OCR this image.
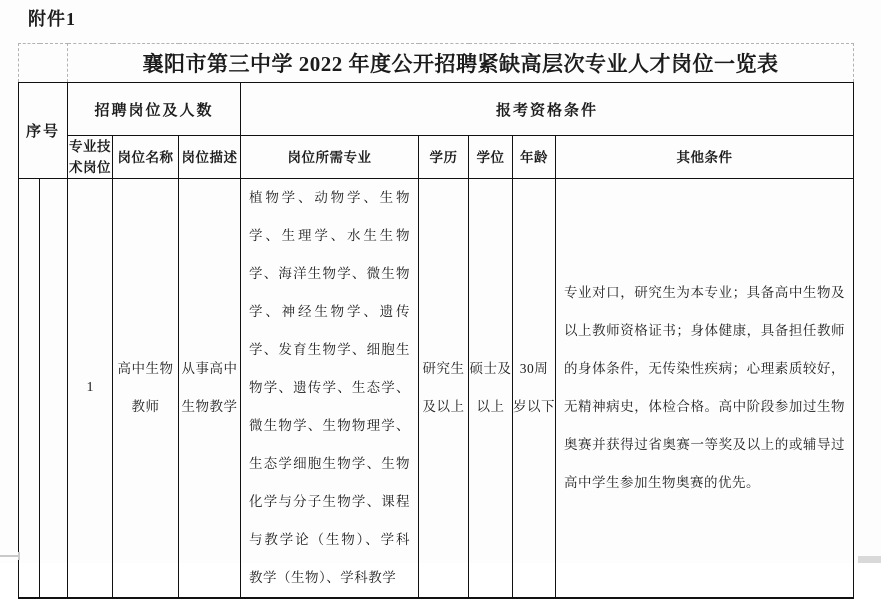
附件1
		襄阳市第三中学 2022 年度公开招聘紧缺高层次专业人才岗位一览表							
序号		招聘岗位及人数			报考资格条件				
		专业技术岗位	岗位名称	岗位描述	岗位所需专业	学历	学位	年龄	其他条件
		1	高中生物教师	从事高中生物教学	植物学、动物学、生物学、生理学、水生生物学、海洋生物学、微生物学、神经生物学、遗传学、发育生物学、细胞生物学、遗传学、生态学、微生物学、生物物理学、生态学细胞生物学、生物化学与分子生物学、课程与教学论（生物）、学科教学（生物）、学科教学	研究生及以上	硕士及以上	30周岁以下	专业对口，研究生为本专业；具备高中生物及以上教师资格证书；身体健康，具备担任教师的身体条件，无传染性疾病；心理素质较好，无精神病史，体检合格。高中阶段参加过生物奥赛并获得过省奥赛一等奖及以上的或辅导过高中学生参加生物奥赛的优先。
